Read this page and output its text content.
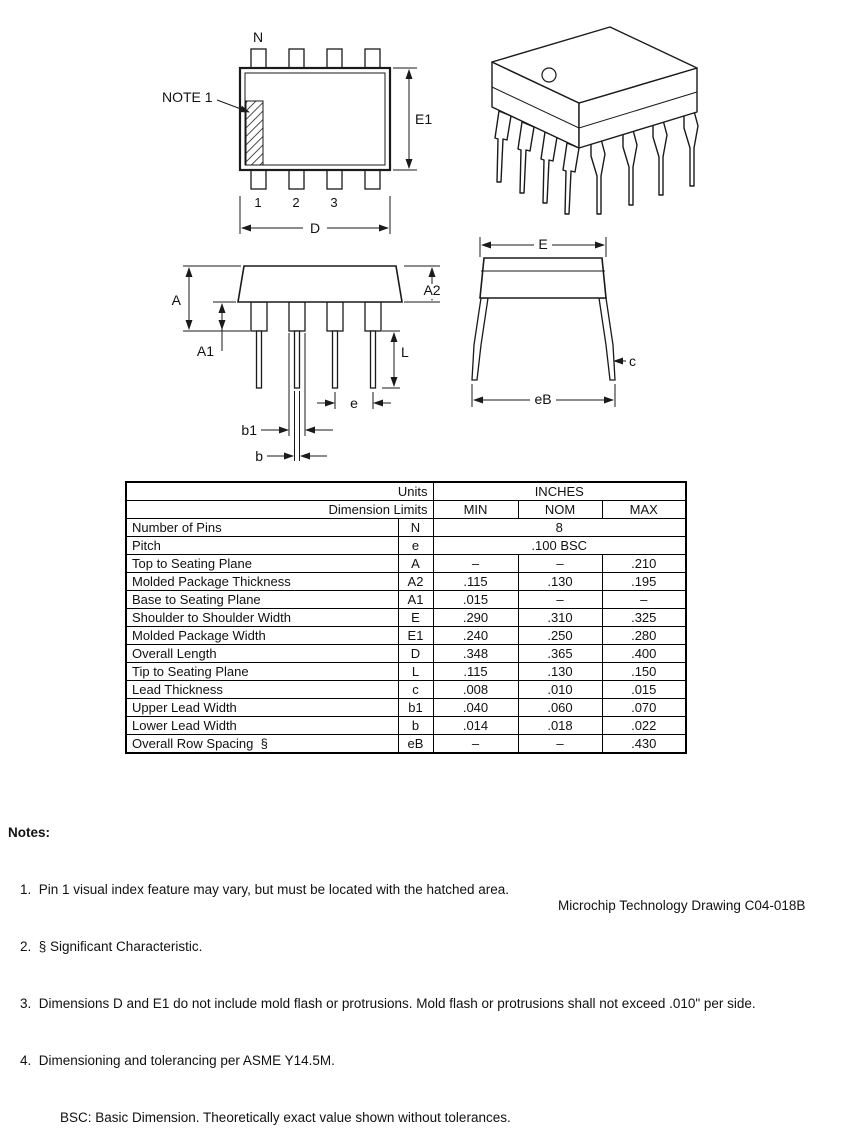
N
NOTE 1
E1
D
1 2 3
A
A1
A2
L
e
b1
b
E
eB
c
Units		INCHES		
Dimension Limits		MIN	NOM	MAX
Number of Pins	N	8		
Pitch	e	.100 BSC		
Top to Seating Plane	A	–	–	.210
Molded Package Thickness	A2	.115	.130	.195
Base to Seating Plane	A1	.015	–	–
Shoulder to Shoulder Width	E	.290	.310	.325
Molded Package Width	E1	.240	.250	.280
Overall Length	D	.348	.365	.400
Tip to Seating Plane	L	.115	.130	.150
Lead Thickness	c	.008	.010	.015
Upper Lead Width	b1	.040	.060	.070
Lower Lead Width	b	.014	.018	.022
Overall Row Spacing  §	eB	–	–	.430

Notes:

1.  Pin 1 visual index feature may vary, but must be located with the hatched area.

2.  § Significant Characteristic.

3.  Dimensions D and E1 do not include mold flash or protrusions. Mold flash or protrusions shall not exceed .010" per side.

4.  Dimensioning and tolerancing per ASME Y14.5M.

BSC: Basic Dimension. Theoretically exact value shown without tolerances.

Microchip Technology Drawing C04-018B
